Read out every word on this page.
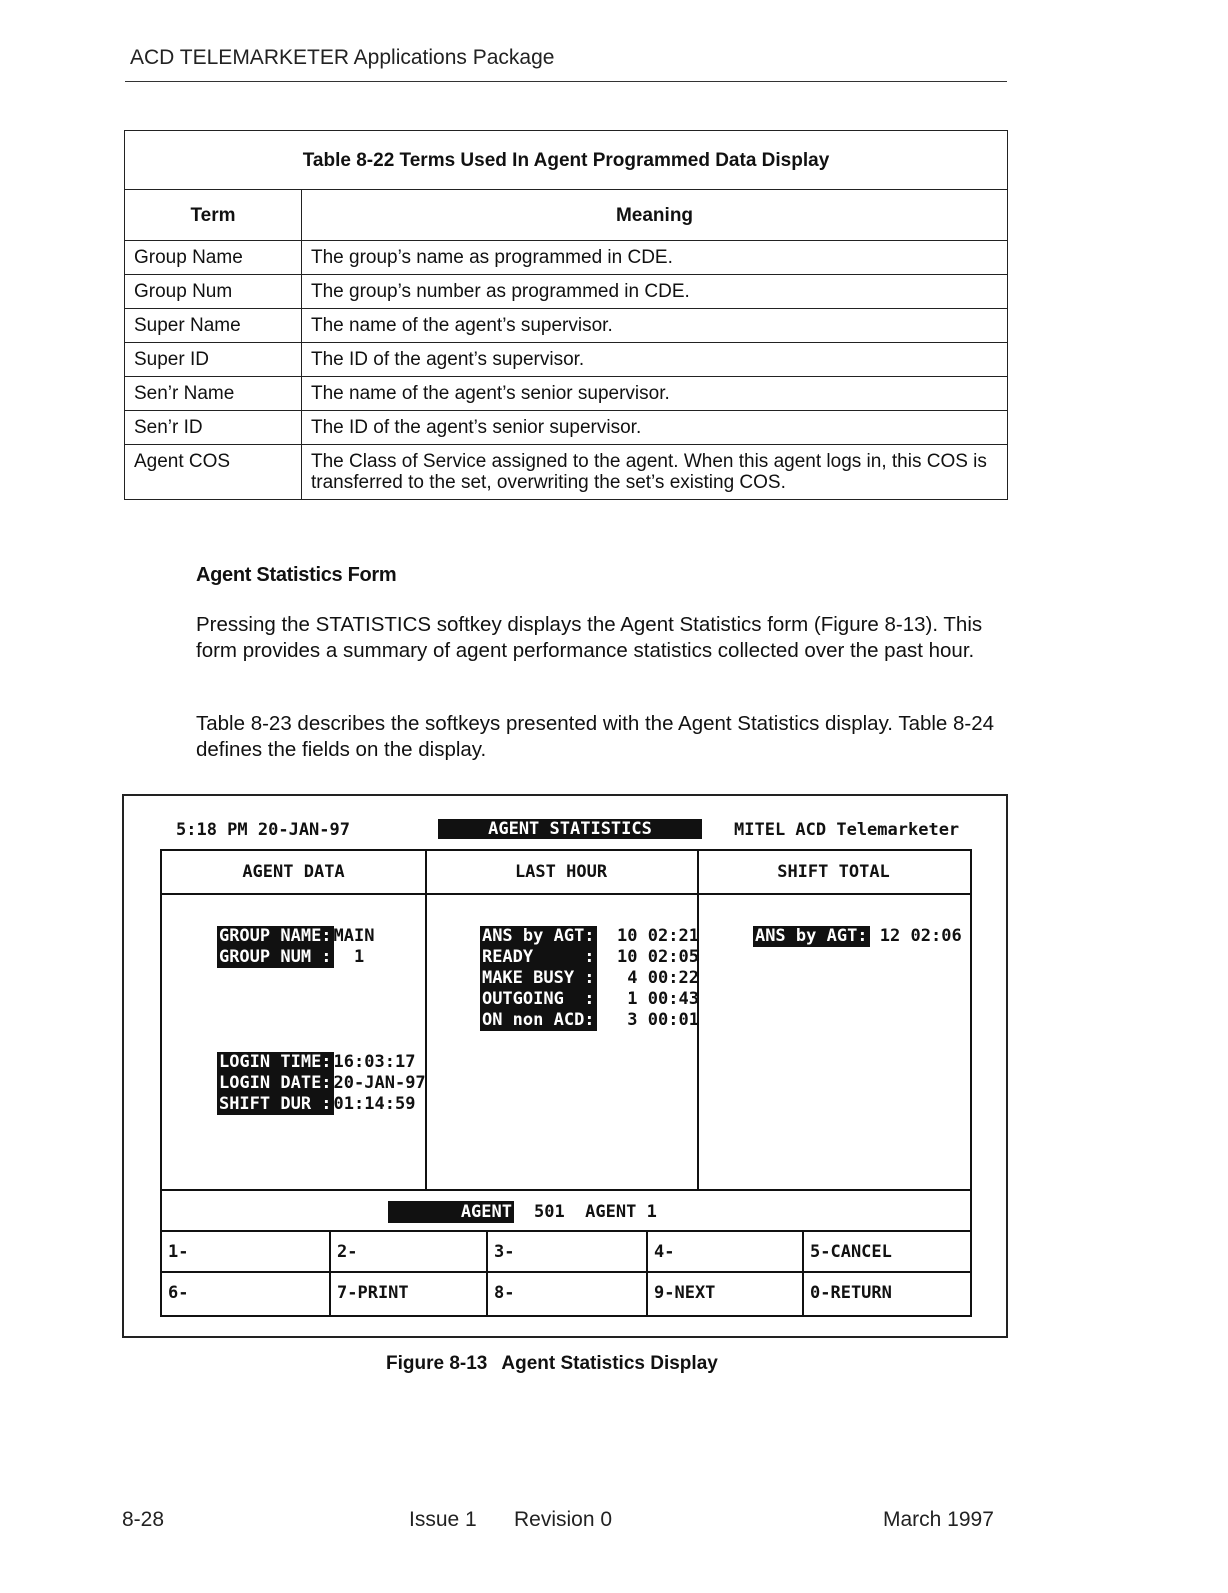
ACD TELEMARKETER Applications Package
Table 8-22 Terms Used In Agent Programmed Data Display	
Term	Meaning
Group Name	The group’s name as programmed in CDE.
Group Num	The group’s number as programmed in CDE.
Super Name	The name of the agent’s supervisor.
Super ID	The ID of the agent’s supervisor.
Sen’r Name	The name of the agent’s senior supervisor.
Sen’r ID	The ID of the agent’s senior supervisor.
Agent COS	The Class of Service assigned to the agent. When this agent logs in, this COS is transferred to the set, overwriting the set’s existing COS.
Agent Statistics Form
Pressing the STATISTICS softkey displays the Agent Statistics form (Figure 8-13). This form provides a summary of agent performance statistics collected over the past hour.
Table 8-23 describes the softkeys presented with the Agent Statistics display. Table 8-24 defines the fields on the display.
5:18 PM 20-JAN-97	AGENT STATISTICS	MITEL ACD Telemarketer
AGENT DATA	LAST HOUR	SHIFT TOTAL

GROUP NAME: MAIN

GROUP NUM :  1

LOGIN TIME: 16:03:17

LOGIN DATE: 20-JAN-97

SHIFT DUR : 01:14:59

ANS by AGT: 10 02:21

READY     : 10 02:05

MAKE BUSY :   4 00:22

OUTGOING  :   1 00:43

ON non ACD:   3 00:01

ANS by AGT: 12 02:06

AGENT 501  AGENT 1
1-	2-	3-	4-	5-CANCEL
6-	7-PRINT	8-	9-NEXT	0-RETURN
Figure 8-13 Agent Statistics Display
8-28	Issue 1 Revision 0	March 1997
